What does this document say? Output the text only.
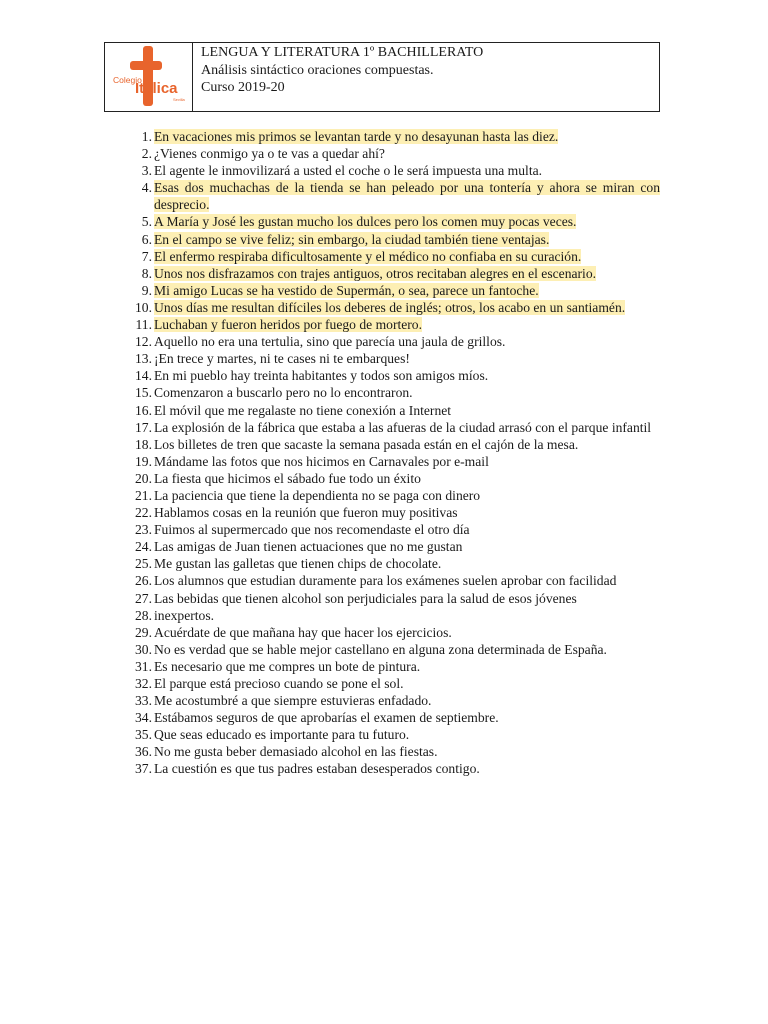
Colegio
Itálica
Sevilla
LENGUA Y LITERATURA 1º BACHILLERATO
Análisis sintáctico oraciones compuestas.
Curso 2019-20
1. En vacaciones mis primos se levantan tarde y no desayunan hasta las diez.
2. ¿Vienes conmigo ya o te vas a quedar ahí?
3. El agente le inmovilizará a usted el coche o le será impuesta una multa.
4. Esas dos muchachas de la tienda se han peleado por una tontería y ahora se miran con desprecio.
5. A María y José les gustan mucho los dulces pero los comen muy pocas veces.
6. En el campo se vive feliz; sin embargo, la ciudad también tiene ventajas.
7. El enfermo respiraba dificultosamente y el médico no confiaba en su curación.
8. Unos nos disfrazamos con trajes antiguos, otros recitaban alegres en el escenario.
9. Mi amigo Lucas se ha vestido de Supermán, o sea, parece un fantoche.
10. Unos días me resultan difíciles los deberes de inglés; otros, los acabo en un santiamén.
11. Luchaban y fueron heridos por fuego de mortero.
12. Aquello no era una tertulia, sino que parecía una jaula de grillos.
13. ¡En trece y martes, ni te cases ni te embarques!
14. En mi pueblo hay treinta habitantes y todos son amigos míos.
15. Comenzaron a buscarlo pero no lo encontraron.
16. El móvil que me regalaste no tiene conexión a Internet
17. La explosión de la fábrica que estaba a las afueras de la ciudad arrasó con el parque infantil
18. Los billetes de tren que sacaste la semana pasada están en el cajón de la mesa.
19. Mándame las fotos que nos hicimos en Carnavales por e-mail
20. La fiesta que hicimos el sábado fue todo un éxito
21. La paciencia que tiene la dependienta no se paga con dinero
22. Hablamos cosas en la reunión que fueron muy positivas
23. Fuimos al supermercado que nos recomendaste el otro día
24. Las amigas de Juan tienen actuaciones que no me gustan
25. Me gustan las galletas que tienen chips de chocolate.
26. Los alumnos que estudian duramente para los exámenes suelen aprobar con facilidad
27. Las bebidas que tienen alcohol son perjudiciales para la salud de esos jóvenes
28. inexpertos.
29. Acuérdate de que mañana hay que hacer los ejercicios.
30. No es verdad que se hable mejor castellano en alguna zona determinada de España.
31. Es necesario que me compres un bote de pintura.
32. El parque está precioso cuando se pone el sol.
33. Me acostumbré a que siempre estuvieras enfadado.
34. Estábamos seguros de que aprobarías el examen de septiembre.
35. Que seas educado es importante para tu futuro.
36. No me gusta beber demasiado alcohol en las fiestas.
37. La cuestión es que tus padres estaban desesperados contigo.
